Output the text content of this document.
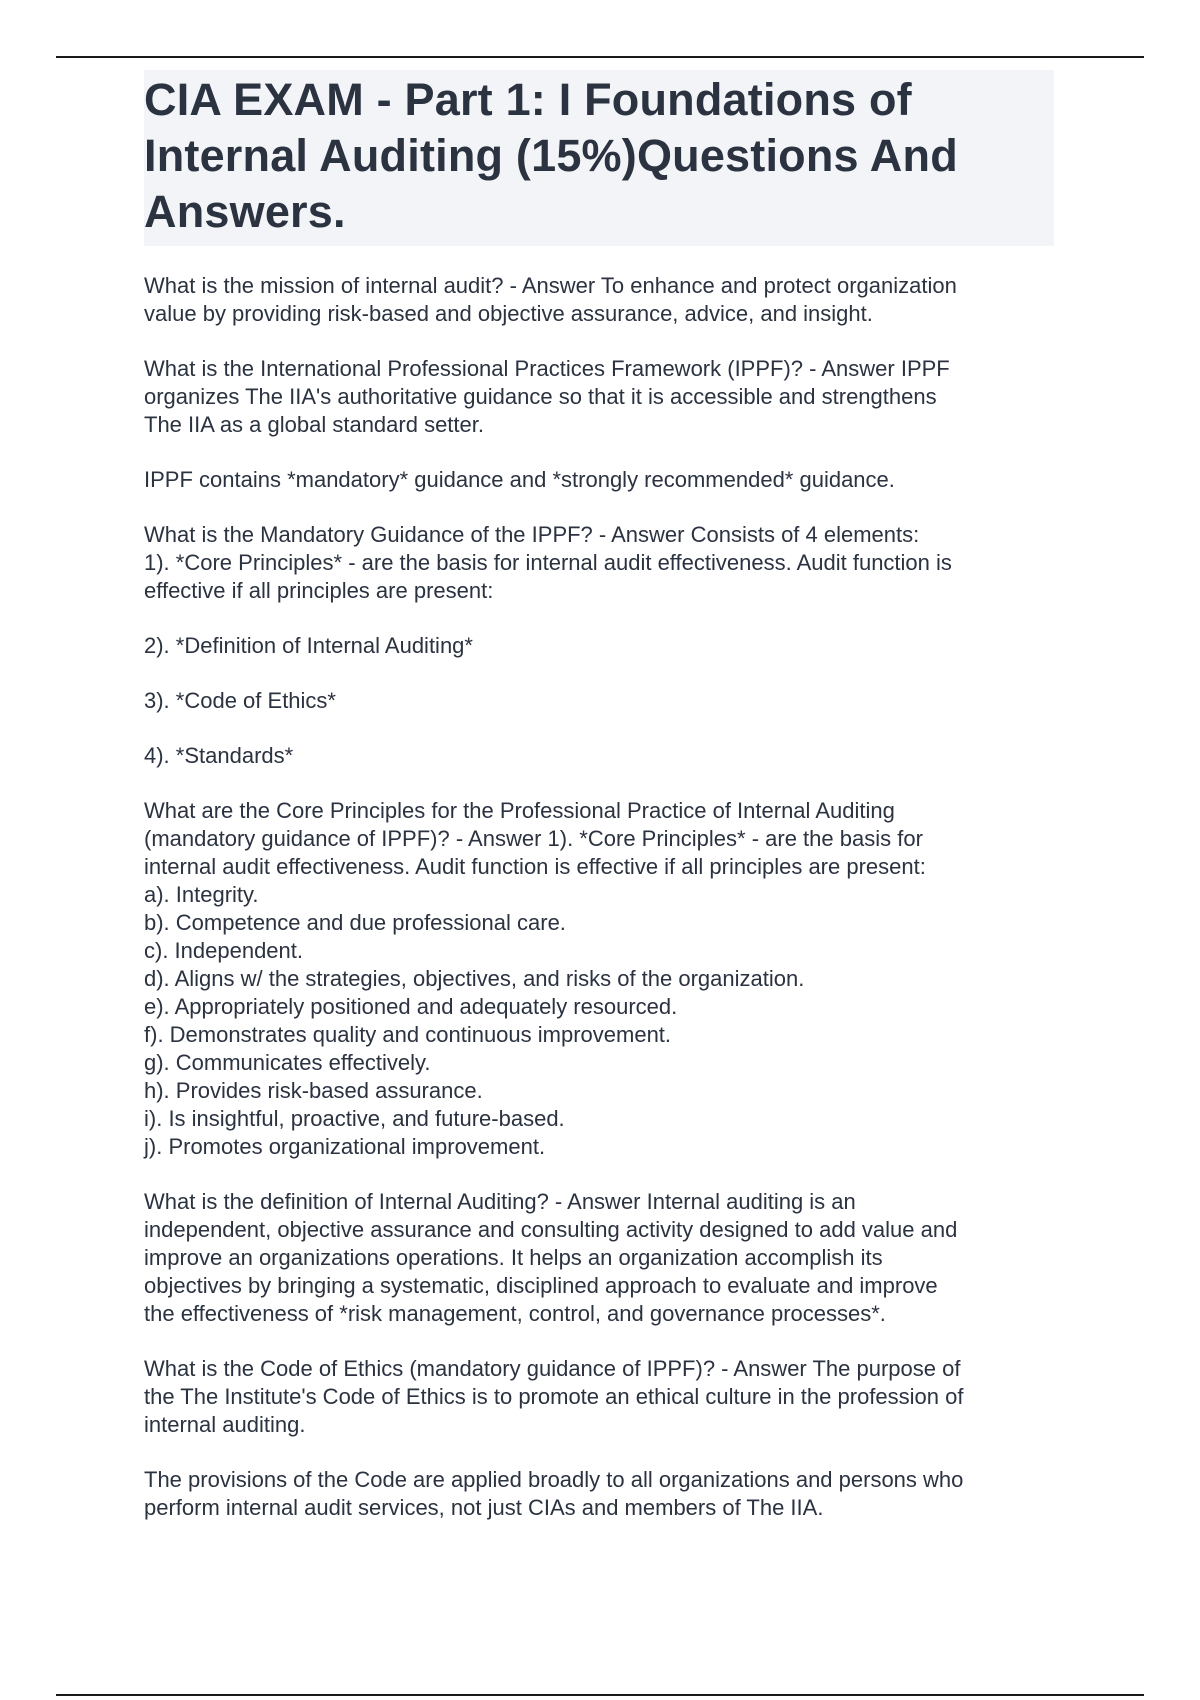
CIA EXAM - Part 1: I Foundations of
Internal Auditing (15%)Questions And
Answers.
What is the mission of internal audit? - Answer To enhance and protect organization
value by providing risk-based and objective assurance, advice, and insight.
What is the International Professional Practices Framework (IPPF)? - Answer IPPF
organizes The IIA's authoritative guidance so that it is accessible and strengthens
The IIA as a global standard setter.
IPPF contains *mandatory* guidance and *strongly recommended* guidance.
What is the Mandatory Guidance of the IPPF? - Answer Consists of 4 elements:
1). *Core Principles* - are the basis for internal audit effectiveness. Audit function is
effective if all principles are present:
2). *Definition of Internal Auditing*
3). *Code of Ethics*
4). *Standards*
What are the Core Principles for the Professional Practice of Internal Auditing
(mandatory guidance of IPPF)? - Answer 1). *Core Principles* - are the basis for
internal audit effectiveness. Audit function is effective if all principles are present:
a). Integrity.
b). Competence and due professional care.
c). Independent.
d). Aligns w/ the strategies, objectives, and risks of the organization.
e). Appropriately positioned and adequately resourced.
f). Demonstrates quality and continuous improvement.
g). Communicates effectively.
h). Provides risk-based assurance.
i). Is insightful, proactive, and future-based.
j). Promotes organizational improvement.
What is the definition of Internal Auditing? - Answer Internal auditing is an
independent, objective assurance and consulting activity designed to add value and
improve an organizations operations. It helps an organization accomplish its
objectives by bringing a systematic, disciplined approach to evaluate and improve
the effectiveness of *risk management, control, and governance processes*.
What is the Code of Ethics (mandatory guidance of IPPF)? - Answer The purpose of
the The Institute's Code of Ethics is to promote an ethical culture in the profession of
internal auditing.
The provisions of the Code are applied broadly to all organizations and persons who
perform internal audit services, not just CIAs and members of The IIA.
